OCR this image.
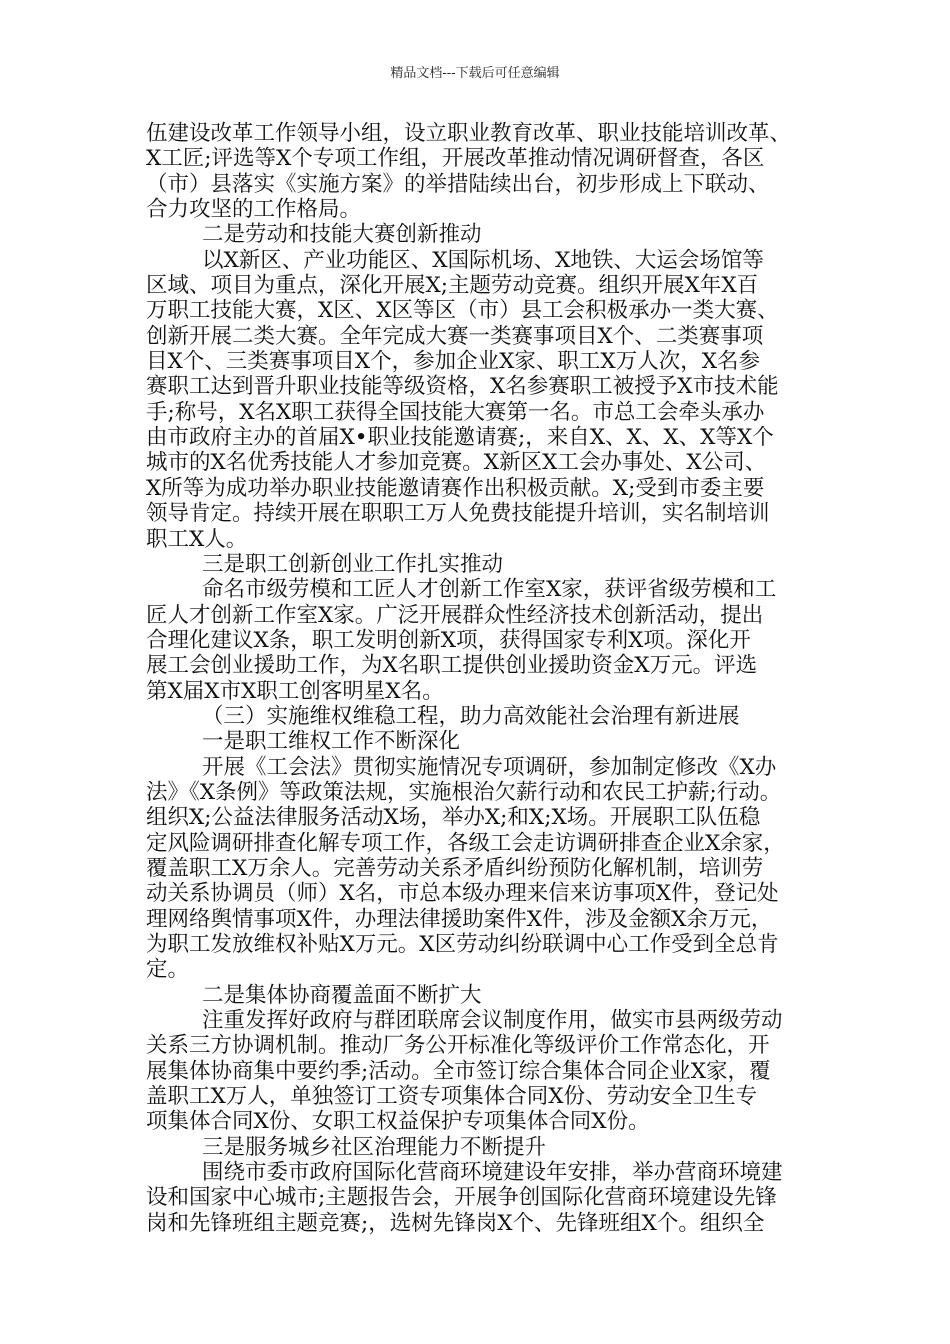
精品文档---下载后可任意编辑
伍建设改革工作领导小组，设立职业教育改革、职业技能培训改革、
X工匠;评选等X个专项工作组，开展改革推动情况调研督查，各区
（市）县落实《实施方案》的举措陆续出台，初步形成上下联动、
合力攻坚的工作格局。
二是劳动和技能大赛创新推动
以X新区、产业功能区、X国际机场、X地铁、大运会场馆等
区域、项目为重点，深化开展X;主题劳动竞赛。组织开展X年X百
万职工技能大赛，X区、X区等区（市）县工会积极承办一类大赛、
创新开展二类大赛。全年完成大赛一类赛事项目X个、二类赛事项
目X个、三类赛事项目X个，参加企业X家、职工X万人次，X名参
赛职工达到晋升职业技能等级资格，X名参赛职工被授予X市技术能
手;称号，X名X职工获得全国技能大赛第一名。市总工会牵头承办
由市政府主办的首届X•职业技能邀请赛;，来自X、X、X、X等X个
城市的X名优秀技能人才参加竞赛。X新区X工会办事处、X公司、
X所等为成功举办职业技能邀请赛作出积极贡献。X;受到市委主要
领导肯定。持续开展在职职工万人免费技能提升培训，实名制培训
职工X人。
三是职工创新创业工作扎实推动
命名市级劳模和工匠人才创新工作室X家，获评省级劳模和工
匠人才创新工作室X家。广泛开展群众性经济技术创新活动，提出
合理化建议X条，职工发明创新X项，获得国家专利X项。深化开
展工会创业援助工作，为X名职工提供创业援助资金X万元。评选
第X届X市X职工创客明星X名。
（三）实施维权维稳工程，助力高效能社会治理有新进展
一是职工维权工作不断深化
开展《工会法》贯彻实施情况专项调研，参加制定修改《X办
法》《X条例》等政策法规，实施根治欠薪行动和农民工护薪;行动。
组织X;公益法律服务活动X场，举办X;和X;X场。开展职工队伍稳
定风险调研排查化解专项工作，各级工会走访调研排查企业X余家，
覆盖职工X万余人。完善劳动关系矛盾纠纷预防化解机制，培训劳
动关系协调员（师）X名，市总本级办理来信来访事项X件，登记处
理网络舆情事项X件，办理法律援助案件X件，涉及金额X余万元，
为职工发放维权补贴X万元。X区劳动纠纷联调中心工作受到全总肯
定。
二是集体协商覆盖面不断扩大
注重发挥好政府与群团联席会议制度作用，做实市县两级劳动
关系三方协调机制。推动厂务公开标准化等级评价工作常态化，开
展集体协商集中要约季;活动。全市签订综合集体合同企业X家，覆
盖职工X万人，单独签订工资专项集体合同X份、劳动安全卫生专
项集体合同X份、女职工权益保护专项集体合同X份。
三是服务城乡社区治理能力不断提升
围绕市委市政府国际化营商环境建设年安排，举办营商环境建
设和国家中心城市;主题报告会，开展争创国际化营商环境建设先锋
岗和先锋班组主题竞赛;，选树先锋岗X个、先锋班组X个。组织全
